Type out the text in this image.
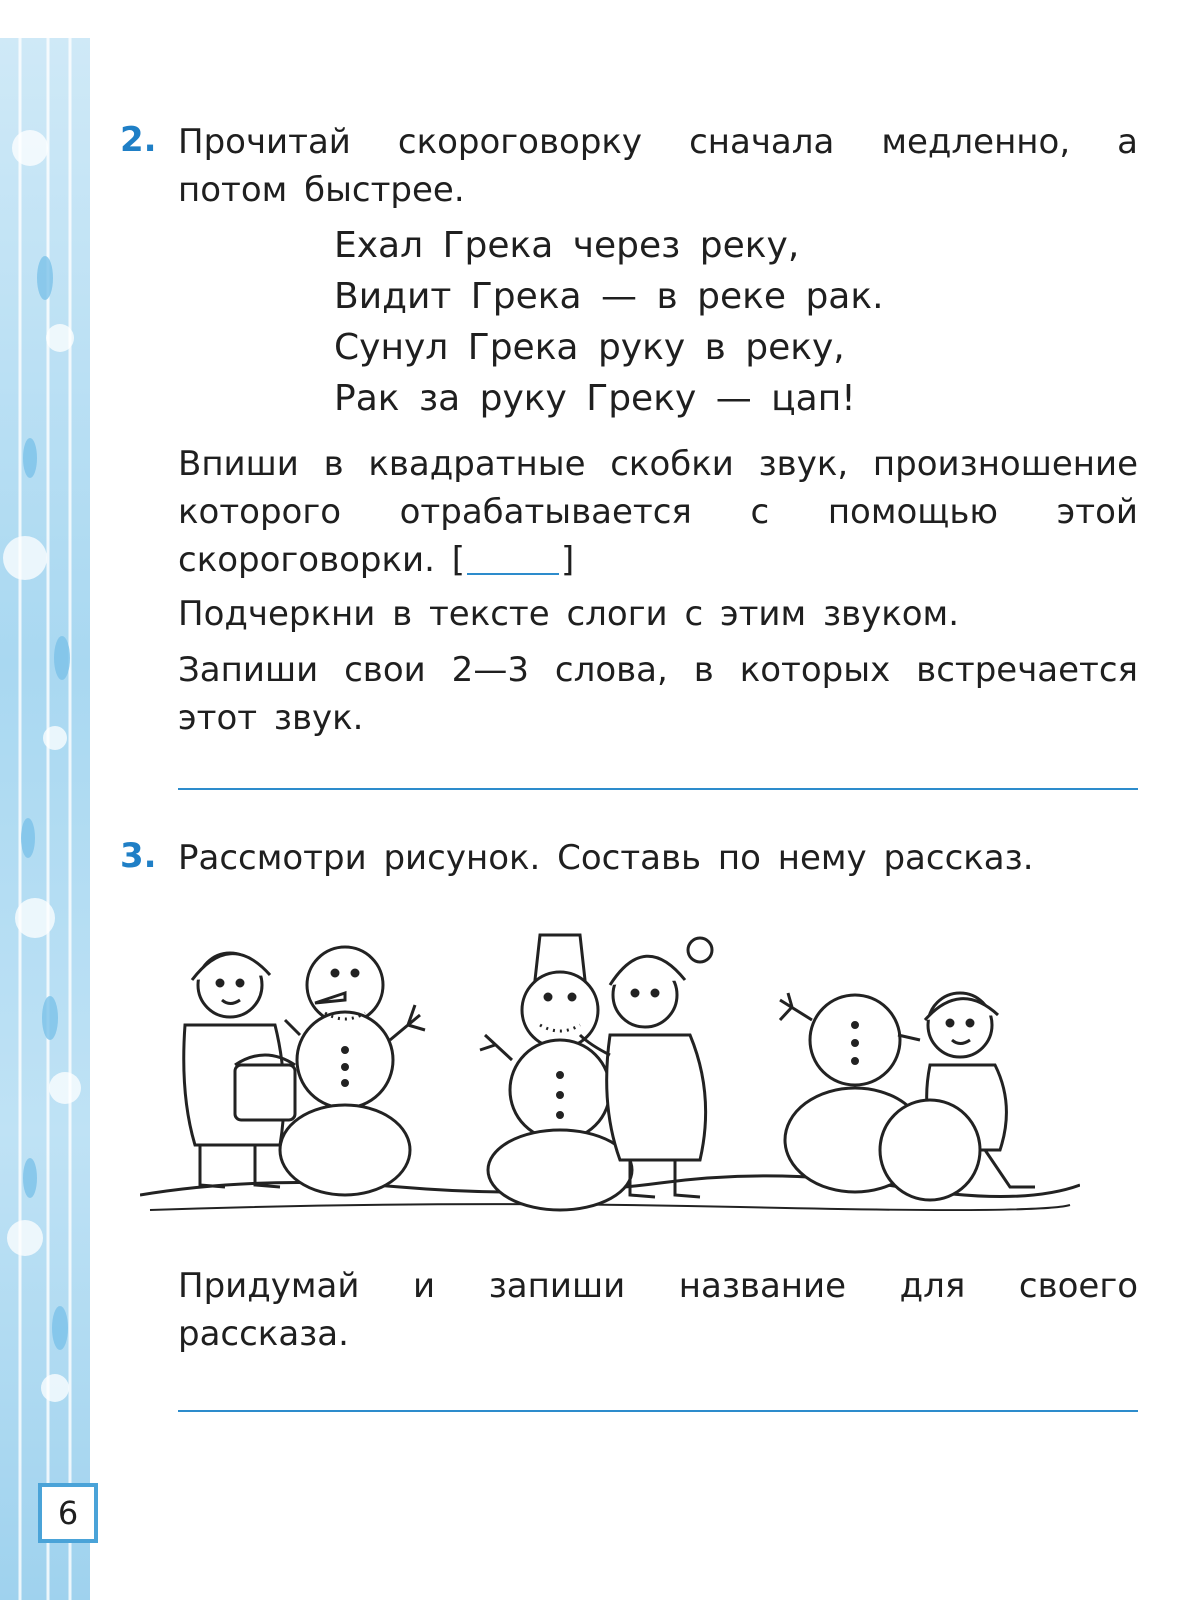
6
2. Прочитай скороговорку сначала медленно, а потом быстрее.
Ехал Грека через реку,
Видит Грека — в реке рак.
Сунул Грека руку в реку,
Рак за руку Греку — цап!
Впиши в квадратные скобки звук, произношение которого отрабатывается с помощью этой скороговорки. [	]
Подчеркни в тексте слоги с этим звуком.
Запиши свои 2—3 слова, в которых встречается этот звук.
3. Рассмотри рисунок. Составь по нему рассказ.
Придумай и запиши название для своего рассказа.
